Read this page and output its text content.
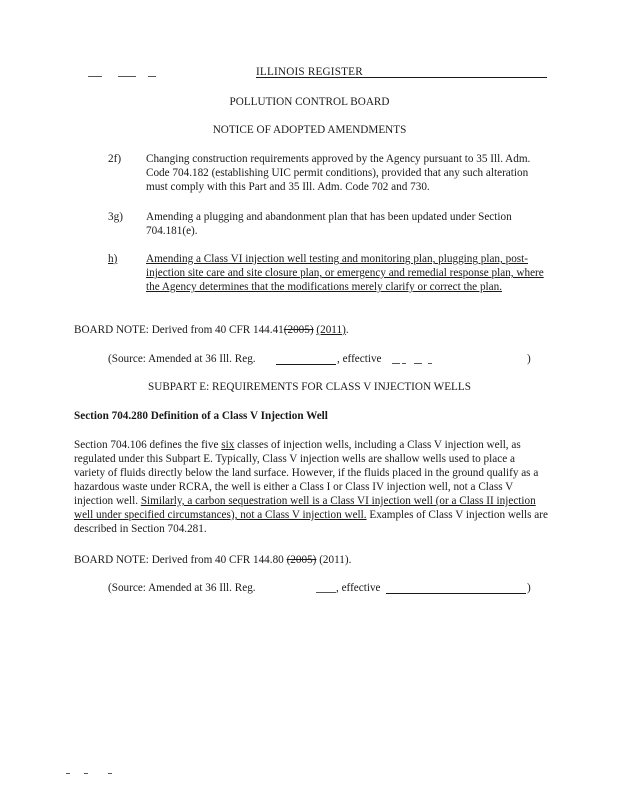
ILLINOIS REGISTER
POLLUTION CONTROL BOARD
NOTICE OF ADOPTED AMENDMENTS
2f) Changing construction requirements approved by the Agency pursuant to 35 Ill. Adm. Code 704.182 (establishing UIC permit conditions), provided that any such alteration must comply with this Part and 35 Ill. Adm. Code 702 and 730.
3g) Amending a plugging and abandonment plan that has been updated under Section 704.181(e).
h)	Amending a Class VI injection well testing and monitoring plan, plugging plan, post-injection site care and site closure plan, or emergency and remedial response plan, where the Agency determines that the modifications merely clarify or correct the plan.
BOARD NOTE: Derived from 40 CFR 144.41(2005) (2011).
(Source: Amended at 36 Ill. Reg.	, effective	)
SUBPART E: REQUIREMENTS FOR CLASS V INJECTION WELLS
Section 704.280 Definition of a Class V Injection Well
Section 704.106 defines the five six classes of injection wells, including a Class V injection well, as regulated under this Subpart E. Typically, Class V injection wells are shallow wells used to place a variety of fluids directly below the land surface. However, if the fluids placed in the ground qualify as a hazardous waste under RCRA, the well is either a Class I or Class IV injection well, not a Class V injection well. Similarly, a carbon sequestration well is a Class VI injection well (or a Class II injection well under specified circumstances), not a Class V injection well. Examples of Class V injection wells are described in Section 704.281.
BOARD NOTE: Derived from 40 CFR 144.80 (2005) (2011).
(Source: Amended at 36 Ill. Reg.	, effective	)
